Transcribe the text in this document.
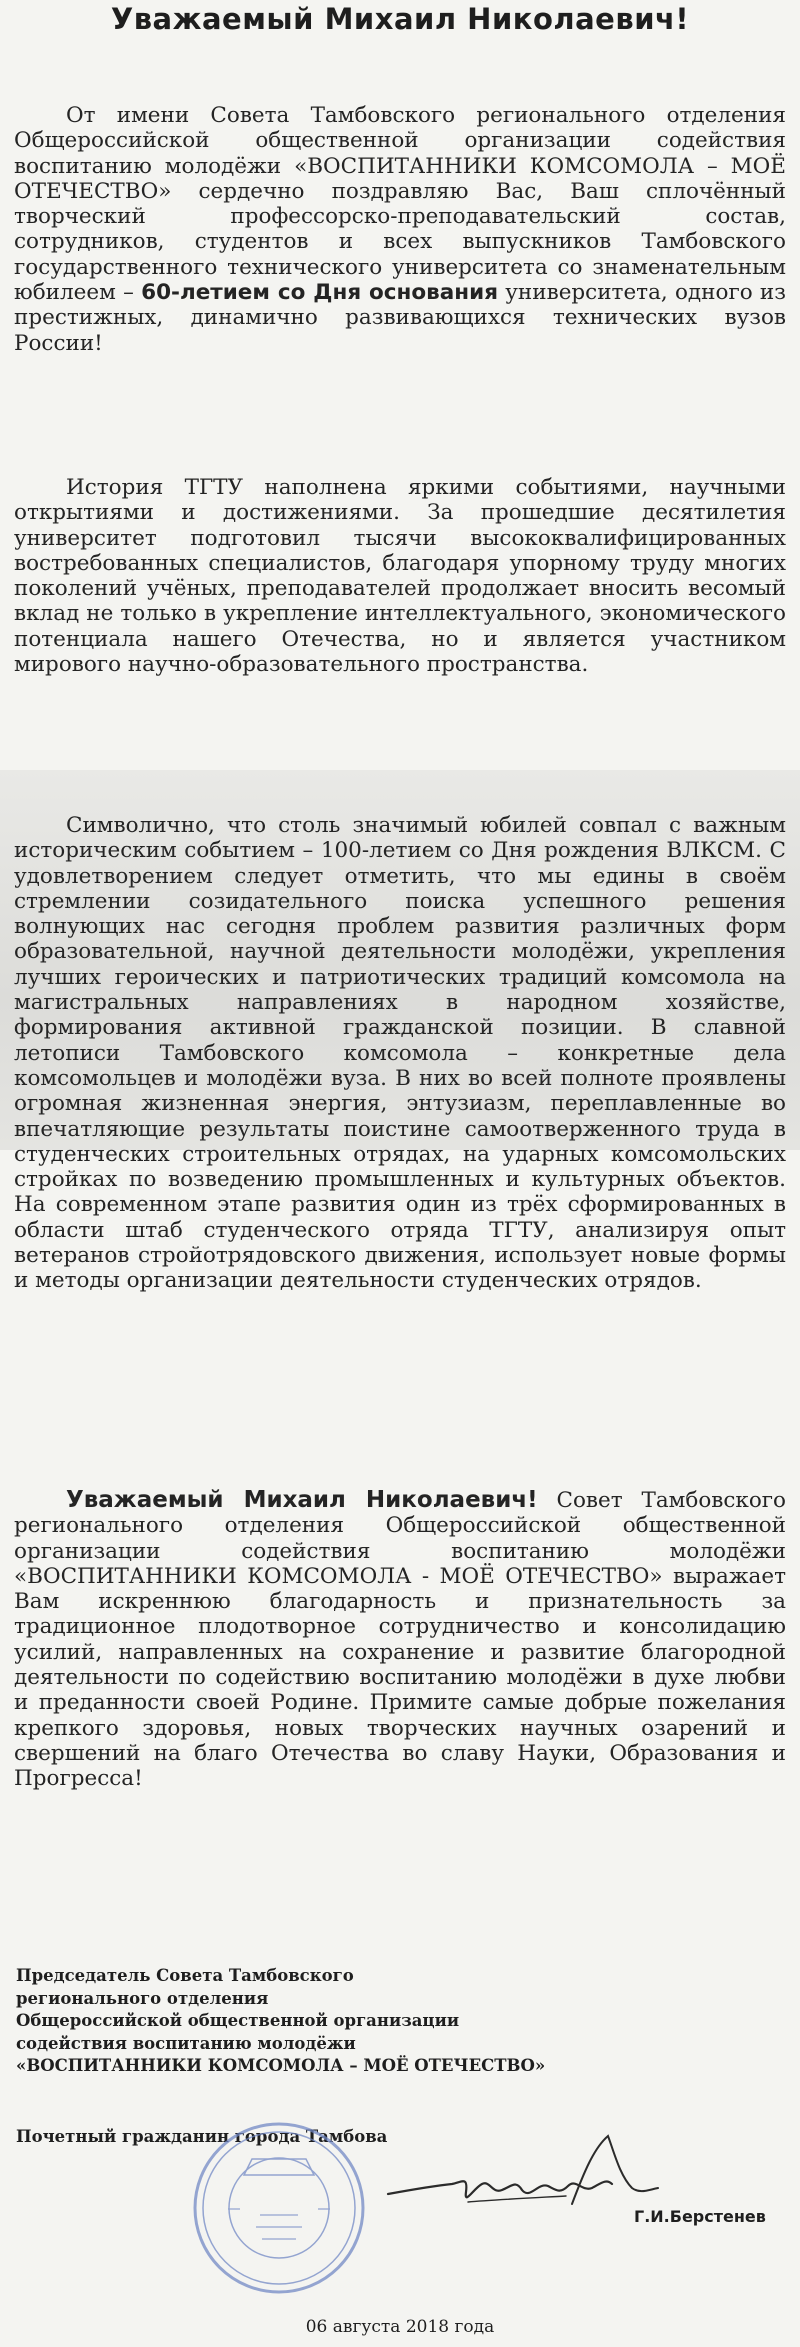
Уважаемый Михаил Николаевич!

От имени Совета Тамбовского регионального отделения Общероссийской общественной организации содействия воспитанию молодёжи «ВОСПИТАННИКИ КОМСОМОЛА – МОЁ ОТЕЧЕСТВО» сердечно поздравляю Вас, Ваш сплочённый творческий профессорско-преподавательский состав, сотрудников, студентов и всех выпускников Тамбовского государственного технического университета со знаменательным юбилеем – 60-летием со Дня основания университета, одного из престижных, динамично развивающихся технических вузов России!

История ТГТУ наполнена яркими событиями, научными открытиями и достижениями. За прошедшие десятилетия университет подготовил тысячи высококвалифицированных востребованных специалистов, благодаря упорному труду многих поколений учёных, преподавателей продолжает вносить весомый вклад не только в укрепление интеллектуального, экономического потенциала нашего Отечества, но и является участником мирового научно-образовательного пространства.

Символично, что столь значимый юбилей совпал с важным историческим событием – 100-летием со Дня рождения ВЛКСМ. С удовлетворением следует отметить, что мы едины в своём стремлении созидательного поиска успешного решения волнующих нас сегодня проблем развития различных форм образовательной, научной деятельности молодёжи, укрепления лучших героических и патриотических традиций комсомола на магистральных направлениях в народном хозяйстве, формирования активной гражданской позиции. В славной летописи Тамбовского комсомола – конкретные дела комсомольцев и молодёжи вуза. В них во всей полноте проявлены огромная жизненная энергия, энтузиазм, переплавленные во впечатляющие результаты поистине самоотверженного труда в студенческих строительных отрядах, на ударных комсомольских стройках по возведению промышленных и культурных объектов. На современном этапе развития один из трёх сформированных в области штаб студенческого отряда ТГТУ, анализируя опыт ветеранов стройотрядовского движения, использует новые формы и методы организации деятельности студенческих отрядов.

Уважаемый Михаил Николаевич! Совет Тамбовского регионального отделения Общероссийской общественной организации содействия воспитанию молодёжи «ВОСПИТАННИКИ КОМСОМОЛА - МОЁ ОТЕЧЕСТВО» выражает Вам искреннюю благодарность и признательность за традиционное плодотворное сотрудничество и консолидацию усилий, направленных на сохранение и развитие благородной деятельности по содействию воспитанию молодёжи в духе любви и преданности своей Родине. Примите самые добрые пожелания крепкого здоровья, новых творческих научных озарений и свершений на благо Отечества во славу Науки, Образования и Прогресса!

Председатель Совета Тамбовского
регионального отделения
Общероссийской общественной организации
содействия воспитанию молодёжи
«ВОСПИТАННИКИ КОМСОМОЛА – МОЁ ОТЕЧЕСТВО»
Почетный гражданин города Тамбова
Г.И.Берстенев
06 августа 2018 года
